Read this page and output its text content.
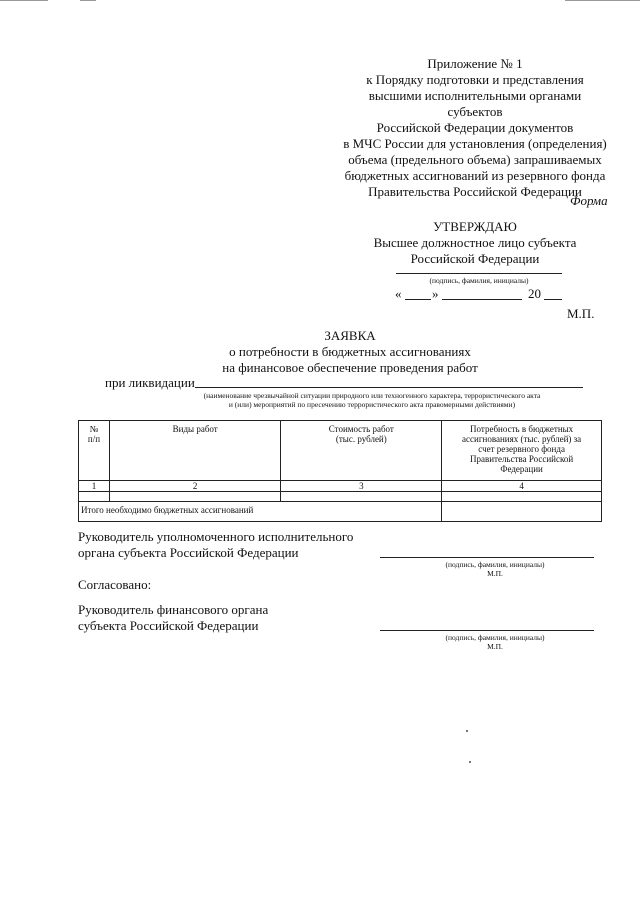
Приложение № 1
к Порядку подготовки и представления
высшими исполнительными органами субъектов
Российской Федерации документов
в МЧС России для установления (определения)
объема (предельного объема) запрашиваемых
бюджетных ассигнований из резервного фонда
Правительства Российской Федерации
Форма
УТВЕРЖДАЮ
Высшее должностное лицо субъекта
Российской Федерации
(подпись, фамилия, инициалы)
« »	20
М.П.
ЗАЯВКА
о потребности в бюджетных ассигнованиях
на финансовое обеспечение проведения работ
при ликвидации
(наименование чрезвычайной ситуации природного или техногенного характера, террористического акта
и (или) мероприятий по пресечению террористического акта правомерными действиями)
№ п/п	Виды работ	Стоимость работ (тыс. рублей)	Потребность в бюджетных ассигнованиях (тыс. рублей) за счет резервного фонда Правительства Российской Федерации
1	2	3	4

Итого необходимо бюджетных ассигнований			
Руководитель уполномоченного исполнительного
органа субъекта Российской Федерации
(подпись, фамилия, инициалы)
М.П.
Согласовано:
Руководитель финансового органа
субъекта Российской Федерации
(подпись, фамилия, инициалы)
М.П.
